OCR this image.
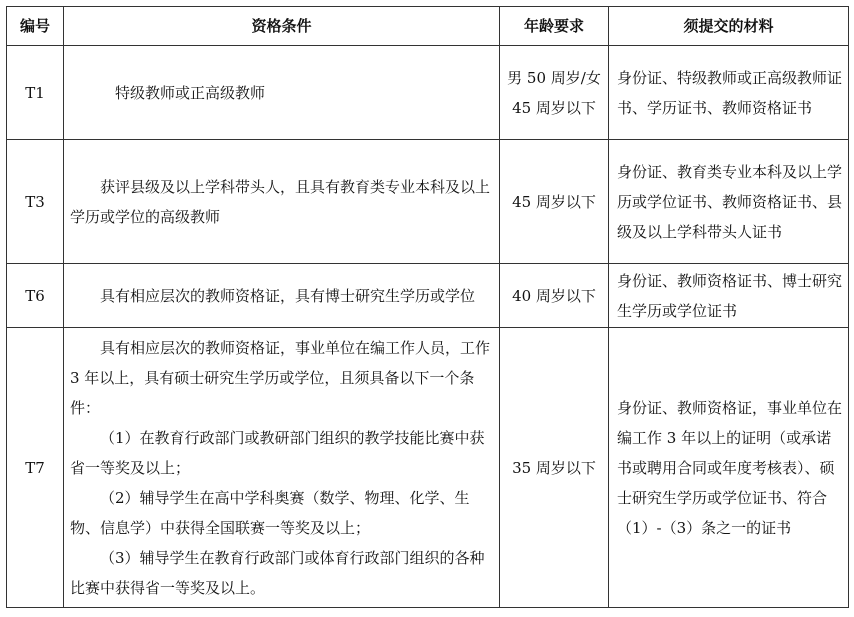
编号	资格条件	年龄要求	须提交的材料
T1	特级教师或正高级教师	男 50 周岁/女 45 周岁以下	身份证、特级教师或正高级教师证书、学历证书、教师资格证书
T3	获评县级及以上学科带头人，且具有教育类专业本科及以上学历或学位的高级教师	45 周岁以下	身份证、教育类专业本科及以上学历或学位证书、教师资格证书、县级及以上学科带头人证书
T6	具有相应层次的教师资格证，具有博士研究生学历或学位	40 周岁以下	身份证、教师资格证书、博士研究生学历或学位证书
T7	具有相应层次的教师资格证，事业单位在编工作人员，工作 3 年以上，具有硕士研究生学历或学位，且须具备以下一个条件：
（1）在教育行政部门或教研部门组织的教学技能比赛中获省一等奖及以上；
（2）辅导学生在高中学科奥赛（数学、物理、化学、生物、信息学）中获得全国联赛一等奖及以上；
（3）辅导学生在教育行政部门或体育行政部门组织的各种比赛中获得省一等奖及以上。	35 周岁以下	身份证、教师资格证，事业单位在编工作 3 年以上的证明（或承诺书或聘用合同或年度考核表）、硕士研究生学历或学位证书、符合（1）-（3）条之一的证书
